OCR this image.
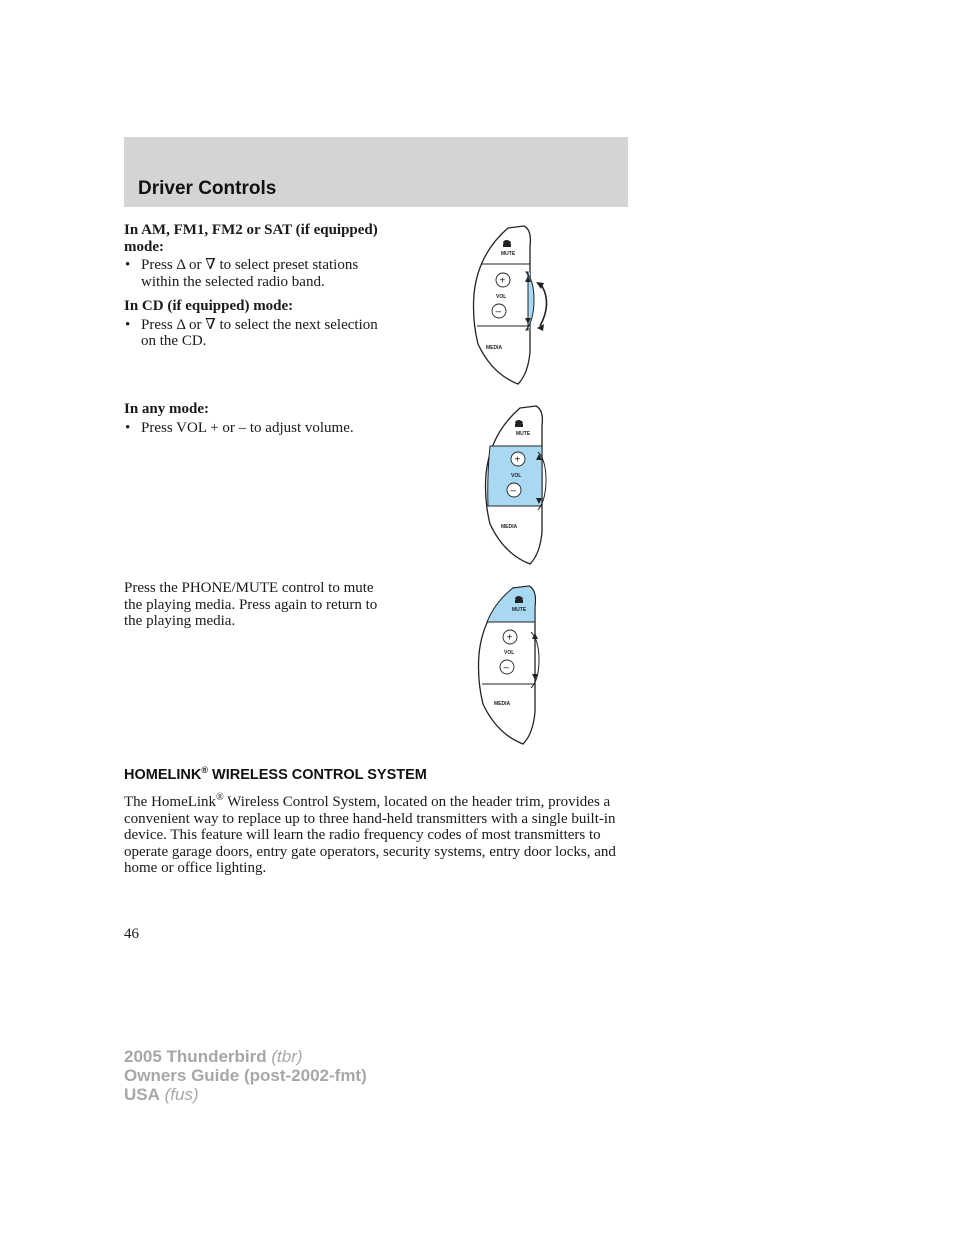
Driver Controls

In AM, FM1, FM2 or SAT (if equipped) mode:

• Press Δ or ∇ to select preset stations within the selected radio band.

In CD (if equipped) mode:

• Press Δ or ∇ to select the next selection on the CD.

In any mode:

• Press VOL + or – to adjust volume.
Press the PHONE/MUTE control to mute the playing media. Press again to return to the playing media.
MUTE
+
VOL
–
MEDIA
MUTE
+
VOL
–
MEDIA
MUTE
+
VOL
–
MEDIA
HOMELINK® WIRELESS CONTROL SYSTEM
The HomeLink® Wireless Control System, located on the header trim, provides a convenient way to replace up to three hand-held transmitters with a single built-in device. This feature will learn the radio frequency codes of most transmitters to operate garage doors, entry gate operators, security systems, entry door locks, and home or office lighting.
46
2005 Thunderbird (tbr)
Owners Guide (post-2002-fmt)
USA (fus)
